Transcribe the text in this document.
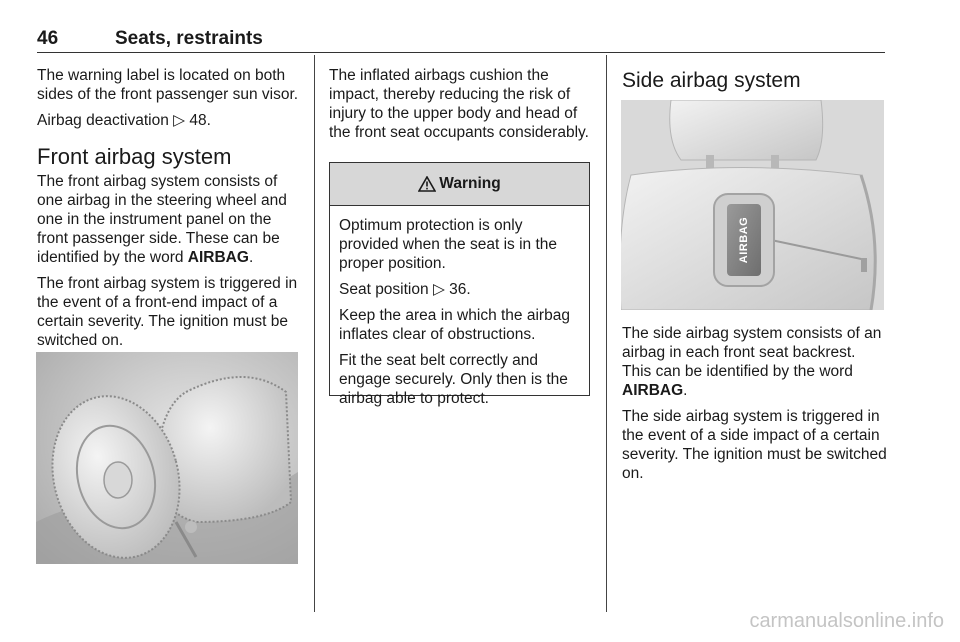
46	Seats, restraints

The warning label is located on both sides of the front passenger sun visor.

Airbag deactivation ▷ 48.

Front airbag system

The front airbag system consists of one airbag in the steering wheel and one in the instrument panel on the front passenger side. These can be identified by the word AIRBAG.

The front airbag system is triggered in the event of a front-end impact of a certain severity. The ignition must be switched on.

The inflated airbags cushion the impact, thereby reducing the risk of injury to the upper body and head of the front seat occupants considerably.

Warning

Optimum protection is only provided when the seat is in the proper position.

Seat position ▷ 36.

Keep the area in which the airbag inflates clear of obstructions.

Fit the seat belt correctly and engage securely. Only then is the airbag able to protect.

Side airbag system
AIRBAG

The side airbag system consists of an airbag in each front seat backrest. This can be identified by the word AIRBAG.

The side airbag system is triggered in the event of a side impact of a certain severity. The ignition must be switched on.

carmanualsonline.info
